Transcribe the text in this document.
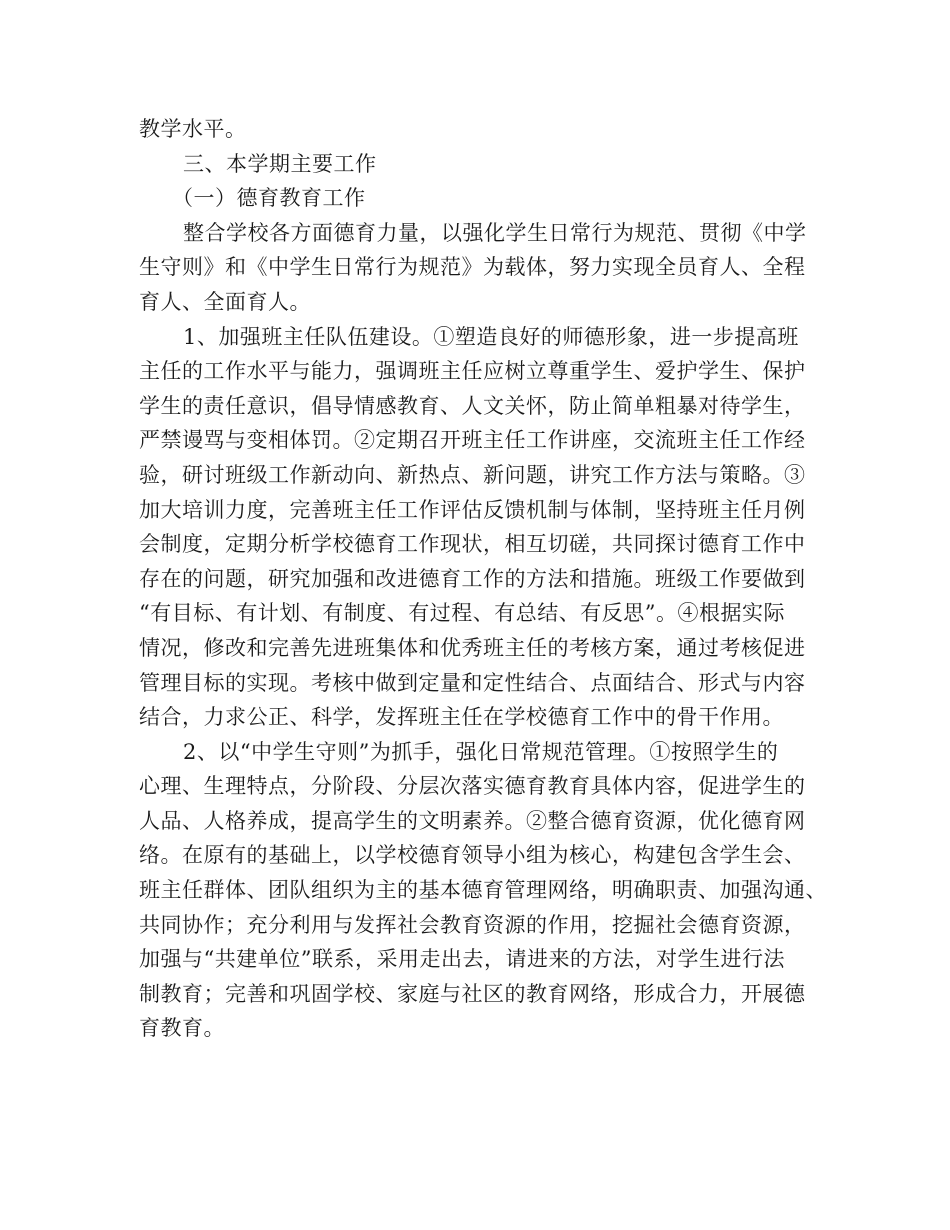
教学水平。
三、本学期主要工作
（一）德育教育工作
整合学校各方面德育力量，以强化学生日常行为规范、贯彻《中学
生守则》和《中学生日常行为规范》为载体，努力实现全员育人、全程
育人、全面育人。
1、加强班主任队伍建设。①塑造良好的师德形象，进一步提高班
主任的工作水平与能力，强调班主任应树立尊重学生、爱护学生、保护
学生的责任意识，倡导情感教育、人文关怀，防止简单粗暴对待学生，
严禁谩骂与变相体罚。②定期召开班主任工作讲座，交流班主任工作经
验，研讨班级工作新动向、新热点、新问题，讲究工作方法与策略。③
加大培训力度，完善班主任工作评估反馈机制与体制，坚持班主任月例
会制度，定期分析学校德育工作现状，相互切磋，共同探讨德育工作中
存在的问题，研究加强和改进德育工作的方法和措施。班级工作要做到
“有目标、有计划、有制度、有过程、有总结、有反思”。④根据实际
情况，修改和完善先进班集体和优秀班主任的考核方案，通过考核促进
管理目标的实现。考核中做到定量和定性结合、点面结合、形式与内容
结合，力求公正、科学，发挥班主任在学校德育工作中的骨干作用。
2、以“中学生守则”为抓手，强化日常规范管理。①按照学生的
心理、生理特点，分阶段、分层次落实德育教育具体内容，促进学生的
人品、人格养成，提高学生的文明素养。②整合德育资源，优化德育网
络。在原有的基础上，以学校德育领导小组为核心，构建包含学生会、
班主任群体、团队组织为主的基本德育管理网络，明确职责、加强沟通、
共同协作；充分利用与发挥社会教育资源的作用，挖掘社会德育资源，
加强与“共建单位”联系，采用走出去，请进来的方法，对学生进行法
制教育；完善和巩固学校、家庭与社区的教育网络，形成合力，开展德
育教育。
